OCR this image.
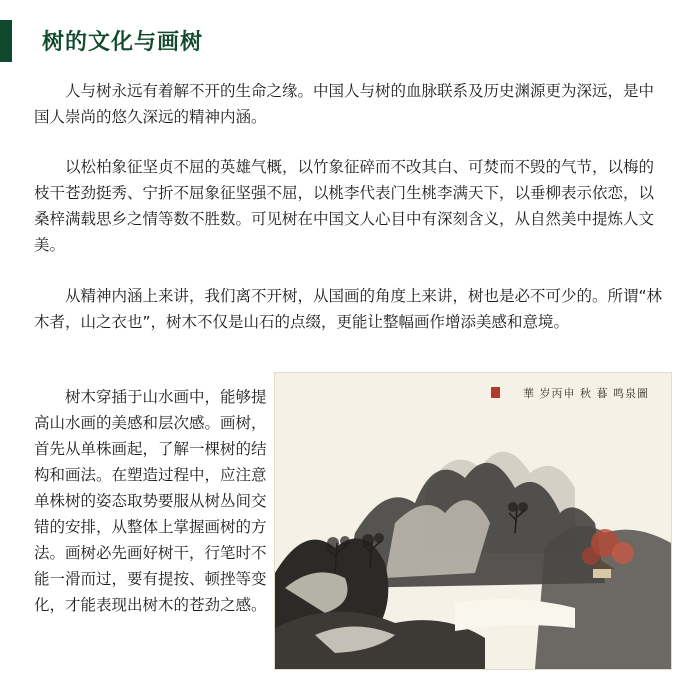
树的文化与画树

人与树永远有着解不开的生命之缘。中国人与树的血脉联系及历史渊源更为深远，是中国人崇尚的悠久深远的精神内涵。

以松柏象征坚贞不屈的英雄气概，以竹象征碎而不改其白、可焚而不毁的气节，以梅的枝干苍劲挺秀、宁折不屈象征坚强不屈，以桃李代表门生桃李满天下，以垂柳表示依恋，以桑梓满载思乡之情等数不胜数。可见树在中国文人心目中有深刻含义，从自然美中提炼人文美。

从精神内涵上来讲，我们离不开树，从国画的角度上来讲，树也是必不可少的。所谓“林木者，山之衣也”，树木不仅是山石的点缀，更能让整幅画作增添美感和意境。

树木穿插于山水画中，能够提高山水画的美感和层次感。画树，首先从单株画起，了解一棵树的结构和画法。在塑造过程中，应注意单株树的姿态取势要服从树丛间交错的安排，从整体上掌握画树的方法。画树必先画好树干，行笔时不能一滑而过，要有提按、顿挫等变化，才能表现出树木的苍劲之感。

華 岁丙申 秋 暮 鸣泉圖
